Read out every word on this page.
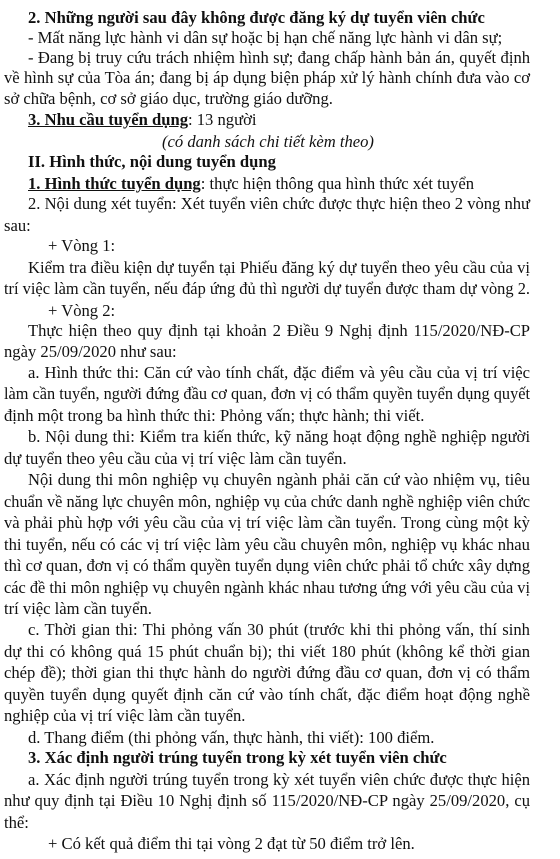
2. Những người sau đây không được đăng ký dự tuyển viên chức
- Mất năng lực hành vi dân sự hoặc bị hạn chế năng lực hành vi dân sự;
- Đang bị truy cứu trách nhiệm hình sự; đang chấp hành bản án, quyết định
về hình sự của Tòa án; đang bị áp dụng biện pháp xử lý hành chính đưa vào cơ
sở chữa bệnh, cơ sở giáo dục, trường giáo dưỡng.
3. Nhu cầu tuyển dụng: 13 người
(có danh sách chi tiết kèm theo)
II. Hình thức, nội dung tuyển dụng
1. Hình thức tuyển dụng: thực hiện thông qua hình thức xét tuyển
2. Nội dung xét tuyển: Xét tuyển viên chức được thực hiện theo 2 vòng như
sau:
+ Vòng 1:
Kiểm tra điều kiện dự tuyển tại Phiếu đăng ký dự tuyển theo yêu cầu của vị
trí việc làm cần tuyển, nếu đáp ứng đủ thì người dự tuyển được tham dự vòng 2.
+ Vòng 2:
Thực hiện theo quy định tại khoản 2 Điều 9 Nghị định 115/2020/NĐ-CP
ngày 25/09/2020 như sau:
a. Hình thức thi: Căn cứ vào tính chất, đặc điểm và yêu cầu của vị trí việc
làm cần tuyển, người đứng đầu cơ quan, đơn vị có thẩm quyền tuyển dụng quyết
định một trong ba hình thức thi: Phỏng vấn; thực hành; thi viết.
b. Nội dung thi: Kiểm tra kiến thức, kỹ năng hoạt động nghề nghiệp người
dự tuyển theo yêu cầu của vị trí việc làm cần tuyển.
Nội dung thi môn nghiệp vụ chuyên ngành phải căn cứ vào nhiệm vụ, tiêu
chuẩn về năng lực chuyên môn, nghiệp vụ của chức danh nghề nghiệp viên chức
và phải phù hợp với yêu cầu của vị trí việc làm cần tuyển. Trong cùng một kỳ
thi tuyển, nếu có các vị trí việc làm yêu cầu chuyên môn, nghiệp vụ khác nhau
thì cơ quan, đơn vị có thẩm quyền tuyển dụng viên chức phải tổ chức xây dựng
các đề thi môn nghiệp vụ chuyên ngành khác nhau tương ứng với yêu cầu của vị
trí việc làm cần tuyển.
c. Thời gian thi: Thi phỏng vấn 30 phút (trước khi thi phỏng vấn, thí sinh
dự thi có không quá 15 phút chuẩn bị); thi viết 180 phút (không kể thời gian
chép đề); thời gian thi thực hành do người đứng đầu cơ quan, đơn vị có thẩm
quyền tuyển dụng quyết định căn cứ vào tính chất, đặc điểm hoạt động nghề
nghiệp của vị trí việc làm cần tuyển.
d. Thang điểm (thi phỏng vấn, thực hành, thi viết): 100 điểm.
3. Xác định người trúng tuyển trong kỳ xét tuyển viên chức
a. Xác định người trúng tuyển trong kỳ xét tuyển viên chức được thực hiện
như quy định tại Điều 10 Nghị định số 115/2020/NĐ-CP ngày 25/09/2020, cụ
thể:
+ Có kết quả điểm thi tại vòng 2 đạt từ 50 điểm trở lên.
